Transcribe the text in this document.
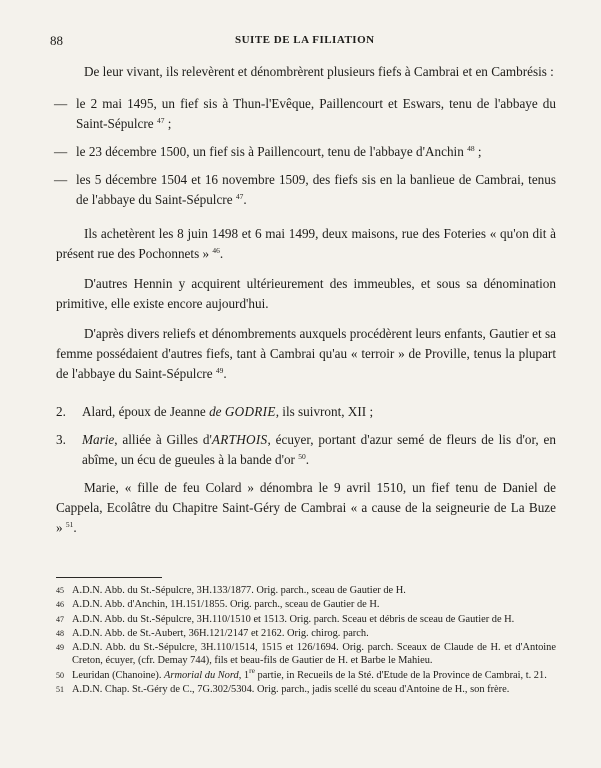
88	SUITE DE LA FILIATION

De leur vivant, ils relevèrent et dénombrèrent plusieurs fiefs à Cambrai et en Cambrésis :

— le 2 mai 1495, un fief sis à Thun-l'Evêque, Paillencourt et Eswars, tenu de l'abbaye du Saint-Sépulcre $^{47}$ ;
— le 23 décembre 1500, un fief sis à Paillencourt, tenu de l'abbaye d'Anchin $^{48}$ ;
— les 5 décembre 1504 et 16 novembre 1509, des fiefs sis en la banlieue de Cambrai, tenus de l'abbaye du Saint-Sépulcre $^{47}$.

Ils achetèrent les 8 juin 1498 et 6 mai 1499, deux maisons, rue des Foteries « qu'on dit à présent rue des Pochonnets » $^{46}$.

D'autres Hennin y acquirent ultérieurement des immeubles, et sous sa dénomination primitive, elle existe encore aujourd'hui.

D'après divers reliefs et dénombrements auxquels procédèrent leurs enfants, Gautier et sa femme possédaient d'autres fiefs, tant à Cambrai qu'au « terroir » de Proville, tenus la plupart de l'abbaye du Saint-Sépulcre $^{49}$.

2. Alard, époux de Jeanne de GODRIE, ils suivront, XII ;
3. Marie, alliée à Gilles d'ARTHOIS, écuyer, portant d'azur semé de fleurs de lis d'or, en abîme, un écu de gueules à la bande d'or $^{50}$.

Marie, « fille de feu Colard » dénombra le 9 avril 1510, un fief tenu de Daniel de Cappela, Ecolâtre du Chapitre Saint-Géry de Cambrai « a cause de la seigneurie de La Buze » $^{51}$.

45 A.D.N. Abb. du St.-Sépulcre, 3H.133/1877. Orig. parch., sceau de Gautier de H.
46 A.D.N. Abb. d'Anchin, 1H.151/1855. Orig. parch., sceau de Gautier de H.
47 A.D.N. Abb. du St.-Sépulcre, 3H.110/1510 et 1513. Orig. parch. Sceau et débris de sceau de Gautier de H.
48 A.D.N. Abb. de St.-Aubert, 36H.121/2147 et 2162. Orig. chirog. parch.
49 A.D.N. Abb. du St.-Sépulcre, 3H.110/1514, 1515 et 126/1694. Orig. parch. Sceaux de Claude de H. et d'Antoine Creton, écuyer, (cfr. Demay 744), fils et beau-fils de Gautier de H. et Barbe le Mahieu.
50 Leuridan (Chanoine). Armorial du Nord, 1re partie, in Recueils de la Sté. d'Etude de la Province de Cambrai, t. 21.
51 A.D.N. Chap. St.-Géry de C., 7G.302/5304. Orig. parch., jadis scellé du sceau d'Antoine de H., son frère.
